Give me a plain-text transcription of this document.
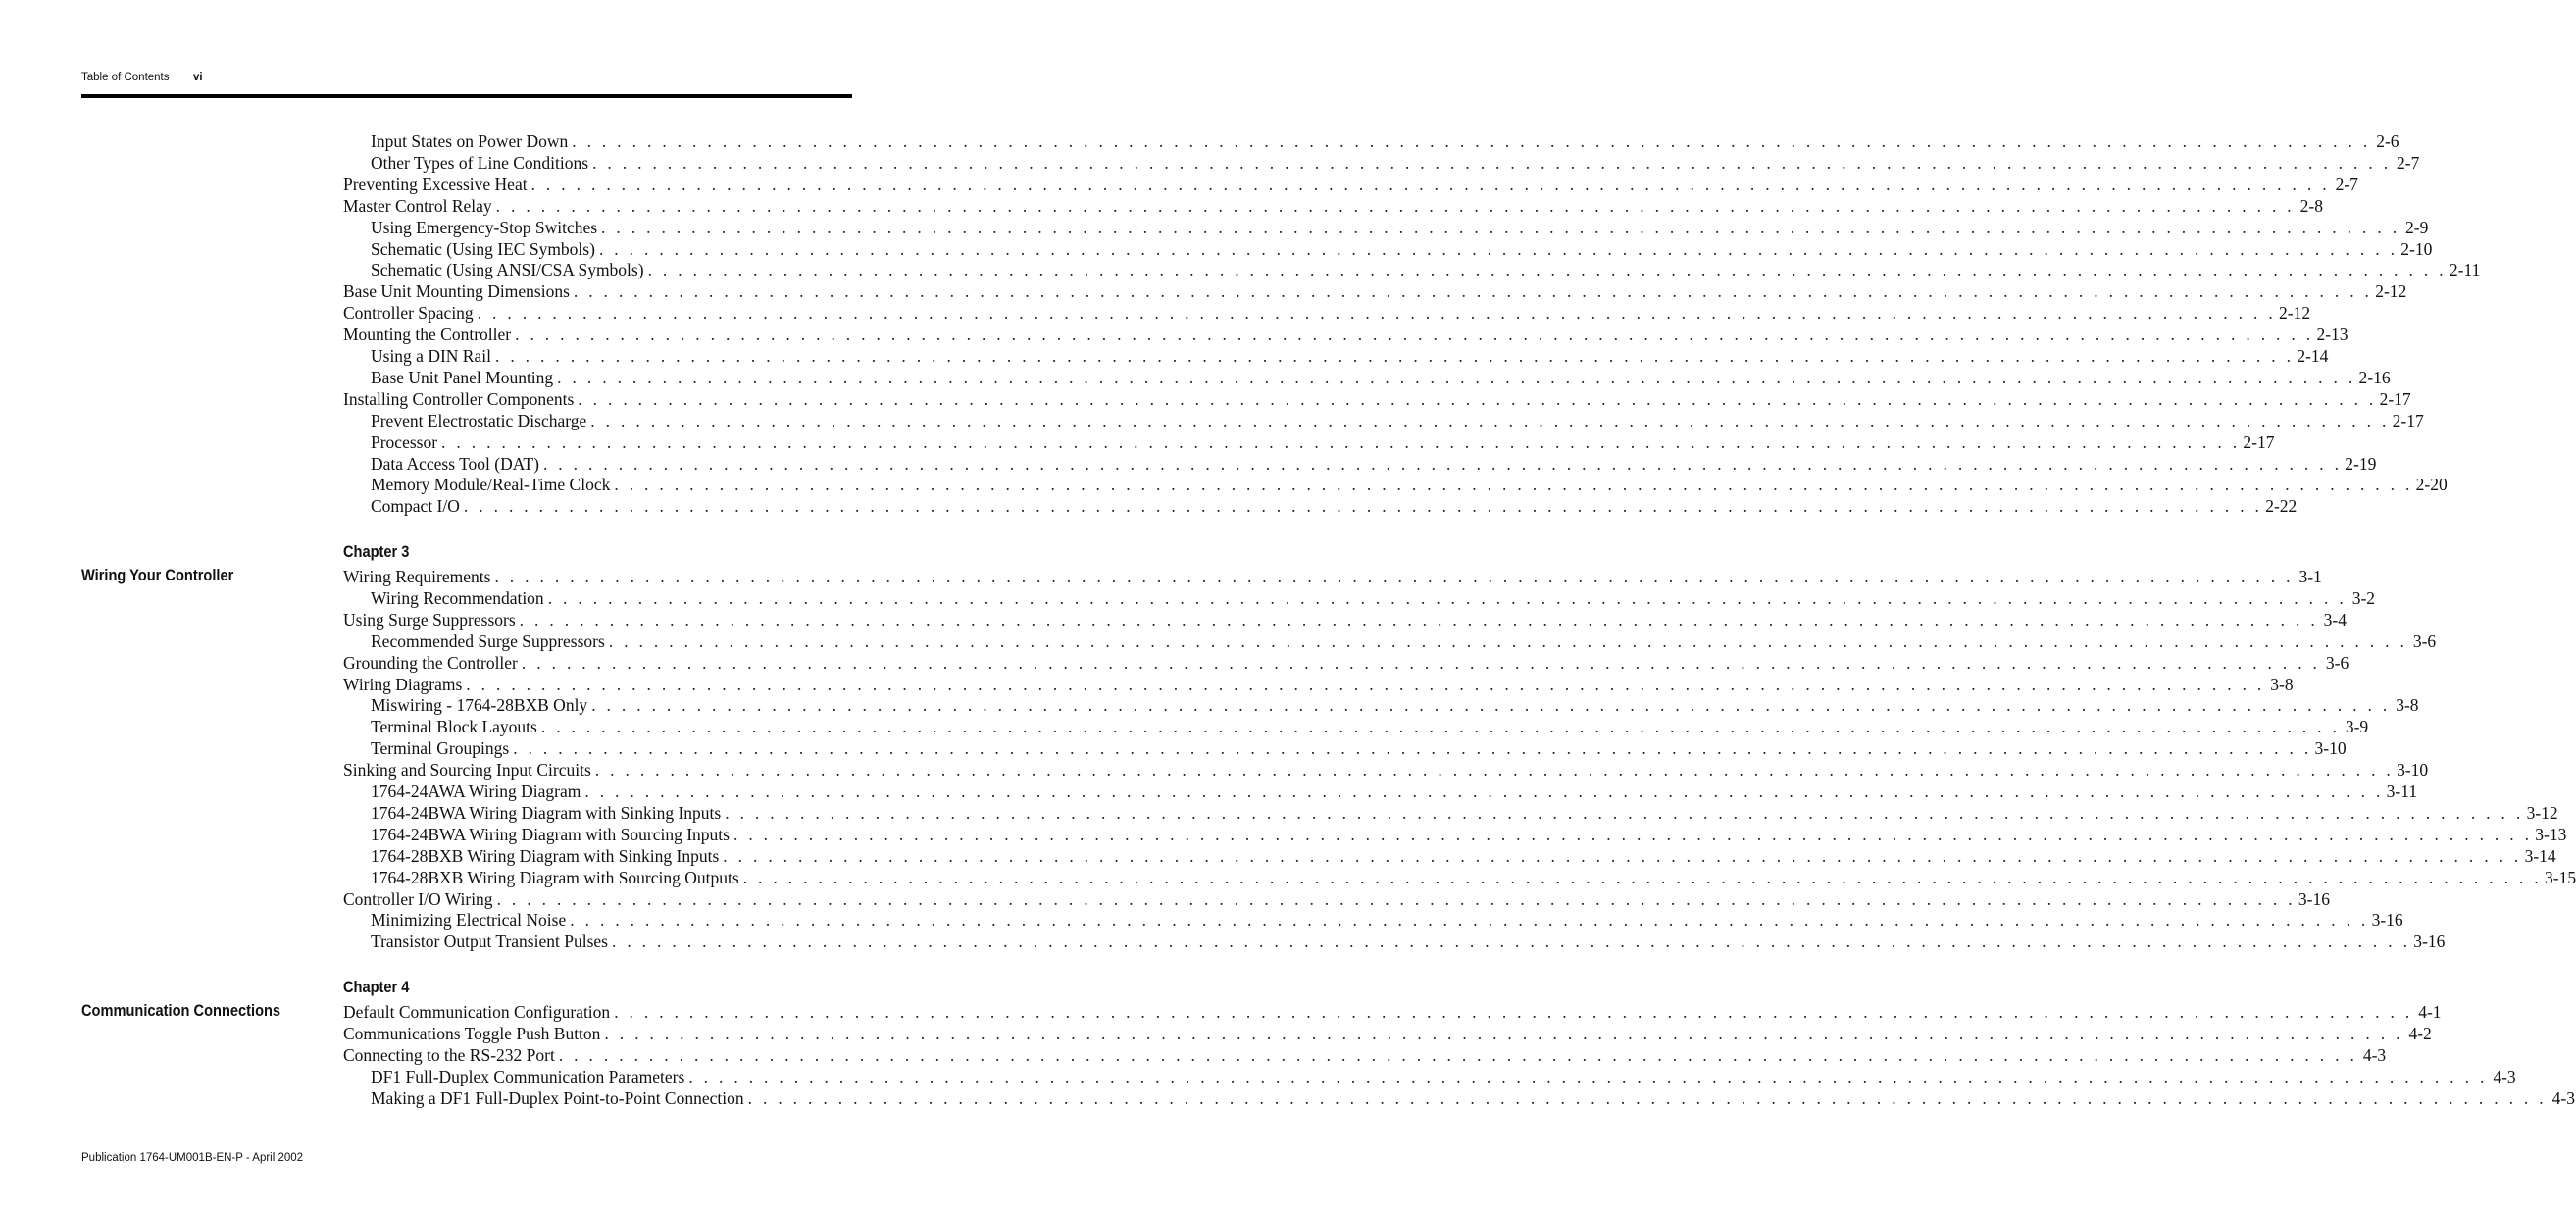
Table of Contents vi
Wiring Your Controller
Communication Connections
Chapter 3
Chapter 4
Input States on Power Down . . . . . . . . . . . . . . . . . . . . . . . . . . . . . . . . . . . . . . . . . . . . . . . . . . . . . . . . . . . . . . . . . . . . . . . . . . . . . . . . . . . . . . . . . . . . . . . . . . . . . . . . . . . . . . . . . . . . . . . . 2-6
Other Types of Line Conditions . . . . . . . . . . . . . . . . . . . . . . . . . . . . . . . . . . . . . . . . . . . . . . . . . . . . . . . . . . . . . . . . . . . . . . . . . . . . . . . . . . . . . . . . . . . . . . . . . . . . . . . . . . . . . . . . . . . . . . . . 2-7
Preventing Excessive Heat . . . . . . . . . . . . . . . . . . . . . . . . . . . . . . . . . . . . . . . . . . . . . . . . . . . . . . . . . . . . . . . . . . . . . . . . . . . . . . . . . . . . . . . . . . . . . . . . . . . . . . . . . . . . . . . . . . . . . . . . 2-7
Master Control Relay . . . . . . . . . . . . . . . . . . . . . . . . . . . . . . . . . . . . . . . . . . . . . . . . . . . . . . . . . . . . . . . . . . . . . . . . . . . . . . . . . . . . . . . . . . . . . . . . . . . . . . . . . . . . . . . . . . . . . . . . 2-8
Using Emergency-Stop Switches . . . . . . . . . . . . . . . . . . . . . . . . . . . . . . . . . . . . . . . . . . . . . . . . . . . . . . . . . . . . . . . . . . . . . . . . . . . . . . . . . . . . . . . . . . . . . . . . . . . . . . . . . . . . . . . . . . . . . . . . 2-9
Schematic (Using IEC Symbols) . . . . . . . . . . . . . . . . . . . . . . . . . . . . . . . . . . . . . . . . . . . . . . . . . . . . . . . . . . . . . . . . . . . . . . . . . . . . . . . . . . . . . . . . . . . . . . . . . . . . . . . . . . . . . . . . . . . . . . . . 2-10
Schematic (Using ANSI/CSA Symbols) . . . . . . . . . . . . . . . . . . . . . . . . . . . . . . . . . . . . . . . . . . . . . . . . . . . . . . . . . . . . . . . . . . . . . . . . . . . . . . . . . . . . . . . . . . . . . . . . . . . . . . . . . . . . . . . . . . . . . . . . 2-11
Base Unit Mounting Dimensions . . . . . . . . . . . . . . . . . . . . . . . . . . . . . . . . . . . . . . . . . . . . . . . . . . . . . . . . . . . . . . . . . . . . . . . . . . . . . . . . . . . . . . . . . . . . . . . . . . . . . . . . . . . . . . . . . . . . . . . . 2-12
Controller Spacing . . . . . . . . . . . . . . . . . . . . . . . . . . . . . . . . . . . . . . . . . . . . . . . . . . . . . . . . . . . . . . . . . . . . . . . . . . . . . . . . . . . . . . . . . . . . . . . . . . . . . . . . . . . . . . . . . . . . . . . . 2-12
Mounting the Controller . . . . . . . . . . . . . . . . . . . . . . . . . . . . . . . . . . . . . . . . . . . . . . . . . . . . . . . . . . . . . . . . . . . . . . . . . . . . . . . . . . . . . . . . . . . . . . . . . . . . . . . . . . . . . . . . . . . . . . . . 2-13
Using a DIN Rail . . . . . . . . . . . . . . . . . . . . . . . . . . . . . . . . . . . . . . . . . . . . . . . . . . . . . . . . . . . . . . . . . . . . . . . . . . . . . . . . . . . . . . . . . . . . . . . . . . . . . . . . . . . . . . . . . . . . . . . . 2-14
Base Unit Panel Mounting . . . . . . . . . . . . . . . . . . . . . . . . . . . . . . . . . . . . . . . . . . . . . . . . . . . . . . . . . . . . . . . . . . . . . . . . . . . . . . . . . . . . . . . . . . . . . . . . . . . . . . . . . . . . . . . . . . . . . . . . 2-16
Installing Controller Components . . . . . . . . . . . . . . . . . . . . . . . . . . . . . . . . . . . . . . . . . . . . . . . . . . . . . . . . . . . . . . . . . . . . . . . . . . . . . . . . . . . . . . . . . . . . . . . . . . . . . . . . . . . . . . . . . . . . . . . . 2-17
Prevent Electrostatic Discharge . . . . . . . . . . . . . . . . . . . . . . . . . . . . . . . . . . . . . . . . . . . . . . . . . . . . . . . . . . . . . . . . . . . . . . . . . . . . . . . . . . . . . . . . . . . . . . . . . . . . . . . . . . . . . . . . . . . . . . . . 2-17
Processor . . . . . . . . . . . . . . . . . . . . . . . . . . . . . . . . . . . . . . . . . . . . . . . . . . . . . . . . . . . . . . . . . . . . . . . . . . . . . . . . . . . . . . . . . . . . . . . . . . . . . . . . . . . . . . . . . . . . . . . . 2-17
Data Access Tool (DAT) . . . . . . . . . . . . . . . . . . . . . . . . . . . . . . . . . . . . . . . . . . . . . . . . . . . . . . . . . . . . . . . . . . . . . . . . . . . . . . . . . . . . . . . . . . . . . . . . . . . . . . . . . . . . . . . . . . . . . . . . 2-19
Memory Module/Real-Time Clock . . . . . . . . . . . . . . . . . . . . . . . . . . . . . . . . . . . . . . . . . . . . . . . . . . . . . . . . . . . . . . . . . . . . . . . . . . . . . . . . . . . . . . . . . . . . . . . . . . . . . . . . . . . . . . . . . . . . . . . . 2-20
Compact I/O . . . . . . . . . . . . . . . . . . . . . . . . . . . . . . . . . . . . . . . . . . . . . . . . . . . . . . . . . . . . . . . . . . . . . . . . . . . . . . . . . . . . . . . . . . . . . . . . . . . . . . . . . . . . . . . . . . . . . . . . 2-22
Wiring Requirements . . . . . . . . . . . . . . . . . . . . . . . . . . . . . . . . . . . . . . . . . . . . . . . . . . . . . . . . . . . . . . . . . . . . . . . . . . . . . . . . . . . . . . . . . . . . . . . . . . . . . . . . . . . . . . . . . . . . . . . . 3-1
Wiring Recommendation . . . . . . . . . . . . . . . . . . . . . . . . . . . . . . . . . . . . . . . . . . . . . . . . . . . . . . . . . . . . . . . . . . . . . . . . . . . . . . . . . . . . . . . . . . . . . . . . . . . . . . . . . . . . . . . . . . . . . . . . 3-2
Using Surge Suppressors . . . . . . . . . . . . . . . . . . . . . . . . . . . . . . . . . . . . . . . . . . . . . . . . . . . . . . . . . . . . . . . . . . . . . . . . . . . . . . . . . . . . . . . . . . . . . . . . . . . . . . . . . . . . . . . . . . . . . . . . 3-4
Recommended Surge Suppressors . . . . . . . . . . . . . . . . . . . . . . . . . . . . . . . . . . . . . . . . . . . . . . . . . . . . . . . . . . . . . . . . . . . . . . . . . . . . . . . . . . . . . . . . . . . . . . . . . . . . . . . . . . . . . . . . . . . . . . . . 3-6
Grounding the Controller . . . . . . . . . . . . . . . . . . . . . . . . . . . . . . . . . . . . . . . . . . . . . . . . . . . . . . . . . . . . . . . . . . . . . . . . . . . . . . . . . . . . . . . . . . . . . . . . . . . . . . . . . . . . . . . . . . . . . . . . 3-6
Wiring Diagrams . . . . . . . . . . . . . . . . . . . . . . . . . . . . . . . . . . . . . . . . . . . . . . . . . . . . . . . . . . . . . . . . . . . . . . . . . . . . . . . . . . . . . . . . . . . . . . . . . . . . . . . . . . . . . . . . . . . . . . . . 3-8
Miswiring - 1764-28BXB Only . . . . . . . . . . . . . . . . . . . . . . . . . . . . . . . . . . . . . . . . . . . . . . . . . . . . . . . . . . . . . . . . . . . . . . . . . . . . . . . . . . . . . . . . . . . . . . . . . . . . . . . . . . . . . . . . . . . . . . . . 3-8
Terminal Block Layouts . . . . . . . . . . . . . . . . . . . . . . . . . . . . . . . . . . . . . . . . . . . . . . . . . . . . . . . . . . . . . . . . . . . . . . . . . . . . . . . . . . . . . . . . . . . . . . . . . . . . . . . . . . . . . . . . . . . . . . . . 3-9
Terminal Groupings . . . . . . . . . . . . . . . . . . . . . . . . . . . . . . . . . . . . . . . . . . . . . . . . . . . . . . . . . . . . . . . . . . . . . . . . . . . . . . . . . . . . . . . . . . . . . . . . . . . . . . . . . . . . . . . . . . . . . . . . 3-10
Sinking and Sourcing Input Circuits . . . . . . . . . . . . . . . . . . . . . . . . . . . . . . . . . . . . . . . . . . . . . . . . . . . . . . . . . . . . . . . . . . . . . . . . . . . . . . . . . . . . . . . . . . . . . . . . . . . . . . . . . . . . . . . . . . . . . . . . 3-10
1764-24AWA Wiring Diagram . . . . . . . . . . . . . . . . . . . . . . . . . . . . . . . . . . . . . . . . . . . . . . . . . . . . . . . . . . . . . . . . . . . . . . . . . . . . . . . . . . . . . . . . . . . . . . . . . . . . . . . . . . . . . . . . . . . . . . . . 3-11
1764-24BWA Wiring Diagram with Sinking Inputs . . . . . . . . . . . . . . . . . . . . . . . . . . . . . . . . . . . . . . . . . . . . . . . . . . . . . . . . . . . . . . . . . . . . . . . . . . . . . . . . . . . . . . . . . . . . . . . . . . . . . . . . . . . . . . . . . . . . . . . . 3-12
1764-24BWA Wiring Diagram with Sourcing Inputs . . . . . . . . . . . . . . . . . . . . . . . . . . . . . . . . . . . . . . . . . . . . . . . . . . . . . . . . . . . . . . . . . . . . . . . . . . . . . . . . . . . . . . . . . . . . . . . . . . . . . . . . . . . . . . . . . . . . . . . . 3-13
1764-28BXB Wiring Diagram with Sinking Inputs . . . . . . . . . . . . . . . . . . . . . . . . . . . . . . . . . . . . . . . . . . . . . . . . . . . . . . . . . . . . . . . . . . . . . . . . . . . . . . . . . . . . . . . . . . . . . . . . . . . . . . . . . . . . . . . . . . . . . . . . 3-14
1764-28BXB Wiring Diagram with Sourcing Outputs . . . . . . . . . . . . . . . . . . . . . . . . . . . . . . . . . . . . . . . . . . . . . . . . . . . . . . . . . . . . . . . . . . . . . . . . . . . . . . . . . . . . . . . . . . . . . . . . . . . . . . . . . . . . . . . . . . . . . . . . 3-15
Controller I/O Wiring . . . . . . . . . . . . . . . . . . . . . . . . . . . . . . . . . . . . . . . . . . . . . . . . . . . . . . . . . . . . . . . . . . . . . . . . . . . . . . . . . . . . . . . . . . . . . . . . . . . . . . . . . . . . . . . . . . . . . . . . 3-16
Minimizing Electrical Noise . . . . . . . . . . . . . . . . . . . . . . . . . . . . . . . . . . . . . . . . . . . . . . . . . . . . . . . . . . . . . . . . . . . . . . . . . . . . . . . . . . . . . . . . . . . . . . . . . . . . . . . . . . . . . . . . . . . . . . . . 3-16
Transistor Output Transient Pulses . . . . . . . . . . . . . . . . . . . . . . . . . . . . . . . . . . . . . . . . . . . . . . . . . . . . . . . . . . . . . . . . . . . . . . . . . . . . . . . . . . . . . . . . . . . . . . . . . . . . . . . . . . . . . . . . . . . . . . . . 3-16
Default Communication Configuration . . . . . . . . . . . . . . . . . . . . . . . . . . . . . . . . . . . . . . . . . . . . . . . . . . . . . . . . . . . . . . . . . . . . . . . . . . . . . . . . . . . . . . . . . . . . . . . . . . . . . . . . . . . . . . . . . . . . . . . . 4-1
Communications Toggle Push Button . . . . . . . . . . . . . . . . . . . . . . . . . . . . . . . . . . . . . . . . . . . . . . . . . . . . . . . . . . . . . . . . . . . . . . . . . . . . . . . . . . . . . . . . . . . . . . . . . . . . . . . . . . . . . . . . . . . . . . . . 4-2
Connecting to the RS-232 Port . . . . . . . . . . . . . . . . . . . . . . . . . . . . . . . . . . . . . . . . . . . . . . . . . . . . . . . . . . . . . . . . . . . . . . . . . . . . . . . . . . . . . . . . . . . . . . . . . . . . . . . . . . . . . . . . . . . . . . . . 4-3
DF1 Full-Duplex Communication Parameters . . . . . . . . . . . . . . . . . . . . . . . . . . . . . . . . . . . . . . . . . . . . . . . . . . . . . . . . . . . . . . . . . . . . . . . . . . . . . . . . . . . . . . . . . . . . . . . . . . . . . . . . . . . . . . . . . . . . . . . . 4-3
Making a DF1 Full-Duplex Point-to-Point Connection . . . . . . . . . . . . . . . . . . . . . . . . . . . . . . . . . . . . . . . . . . . . . . . . . . . . . . . . . . . . . . . . . . . . . . . . . . . . . . . . . . . . . . . . . . . . . . . . . . . . . . . . . . . . . . . . . . . . . . . . 4-3
Publication 1764-UM001B-EN-P - April 2002
